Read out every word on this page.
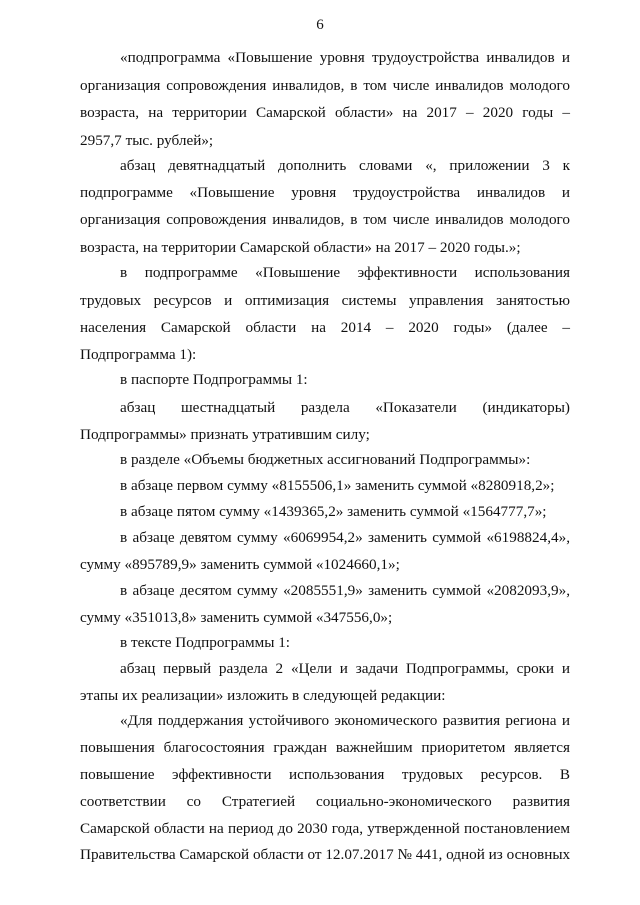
6
«подпрограмма «Повышение уровня трудоустройства инвалидов и
организация сопровождения инвалидов, в том числе инвалидов молодого
возраста, на территории Самарской области» на 2017 – 2020 годы –
2957,7 тыс. рублей»;
абзац девятнадцатый дополнить словами «, приложении 3 к
подпрограмме «Повышение уровня трудоустройства инвалидов и
организация сопровождения инвалидов, в том числе инвалидов молодого
возраста, на территории Самарской области» на 2017 – 2020 годы.»;
в подпрограмме «Повышение эффективности использования
трудовых ресурсов и оптимизация системы управления занятостью
населения Самарской области на 2014 – 2020 годы» (далее –
Подпрограмма 1):
в паспорте Подпрограммы 1:
абзац шестнадцатый раздела «Показатели (индикаторы)
Подпрограммы» признать утратившим силу;
в разделе «Объемы бюджетных ассигнований Подпрограммы»:
в абзаце первом сумму «8155506,1» заменить суммой «8280918,2»;
в абзаце пятом сумму «1439365,2» заменить суммой «1564777,7»;
в абзаце девятом сумму «6069954,2» заменить суммой «6198824,4»,
сумму «895789,9» заменить суммой «1024660,1»;
в абзаце десятом сумму «2085551,9» заменить суммой «2082093,9»,
сумму «351013,8» заменить суммой «347556,0»;
в тексте Подпрограммы 1:
абзац первый раздела 2 «Цели и задачи Подпрограммы, сроки и
этапы их реализации» изложить в следующей редакции:
«Для поддержания устойчивого экономического развития региона и
повышения благосостояния граждан важнейшим приоритетом является
повышение эффективности использования трудовых ресурсов. В
соответствии со Стратегией социально-экономического развития
Самарской области на период до 2030 года, утвержденной постановлением
Правительства Самарской области от 12.07.2017 № 441, одной из основных
